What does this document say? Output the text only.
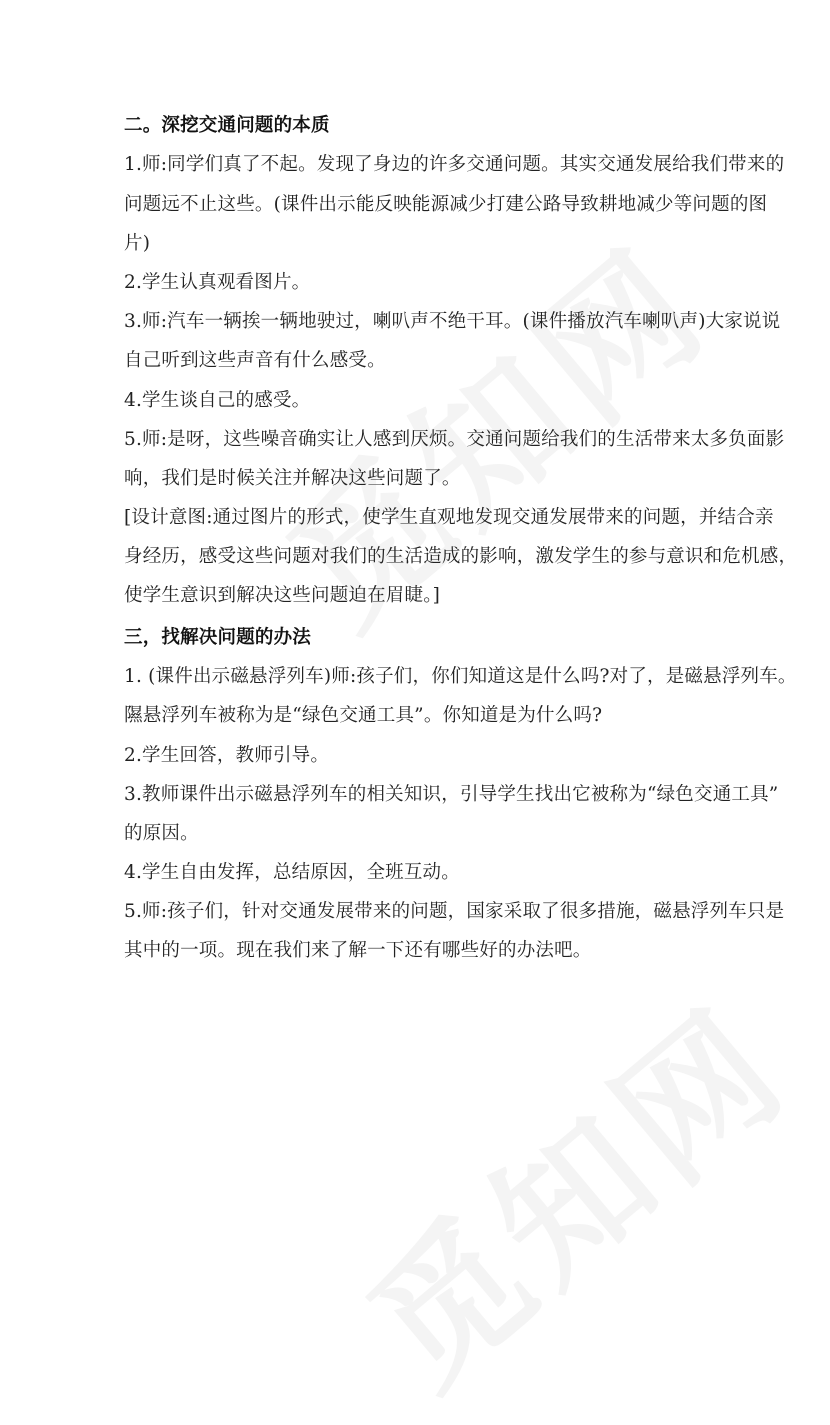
二。深挖交通问题的本质
1.师:同学们真了不起。发现了身边的许多交通问题。其实交通发展给我们带来的
问题远不止这些。(课件出示能反映能源减少打建公路导致耕地减少等问题的图
片)
2.学生认真观看图片。
3.师:汽车一辆挨一辆地驶过，喇叭声不绝干耳。(课件播放汽车喇叭声)大家说说
自己听到这些声音有什么感受。
4.学生谈自己的感受。
5.师:是呀，这些噪音确实让人感到厌烦。交通问题给我们的生活带来太多负面影
响，我们是时候关注并解决这些问题了。
[设计意图:通过图片的形式，使学生直观地发现交通发展带来的问题，并结合亲
身经历，感受这些问题对我们的生活造成的影响，激发学生的参与意识和危机感，
使学生意识到解决这些问题迫在眉睫。]
三，找解决问题的办法
1. (课件出示磁悬浮列车)师:孩子们，你们知道这是什么吗?对了，是磁悬浮列车。
隰悬浮列车被称为是“绿色交通工具”。你知道是为什么吗?
2.学生回答，教师引导。
3.教师课件出示磁悬浮列车的相关知识，引导学生找出它被称为“绿色交通工具”
的原因。
4.学生自由发挥，总结原因，全班互动。
5.师:孩子们，针对交通发展带来的问题，国家采取了很多措施，磁悬浮列车只是
其中的一项。现在我们来了解一下还有哪些好的办法吧。
